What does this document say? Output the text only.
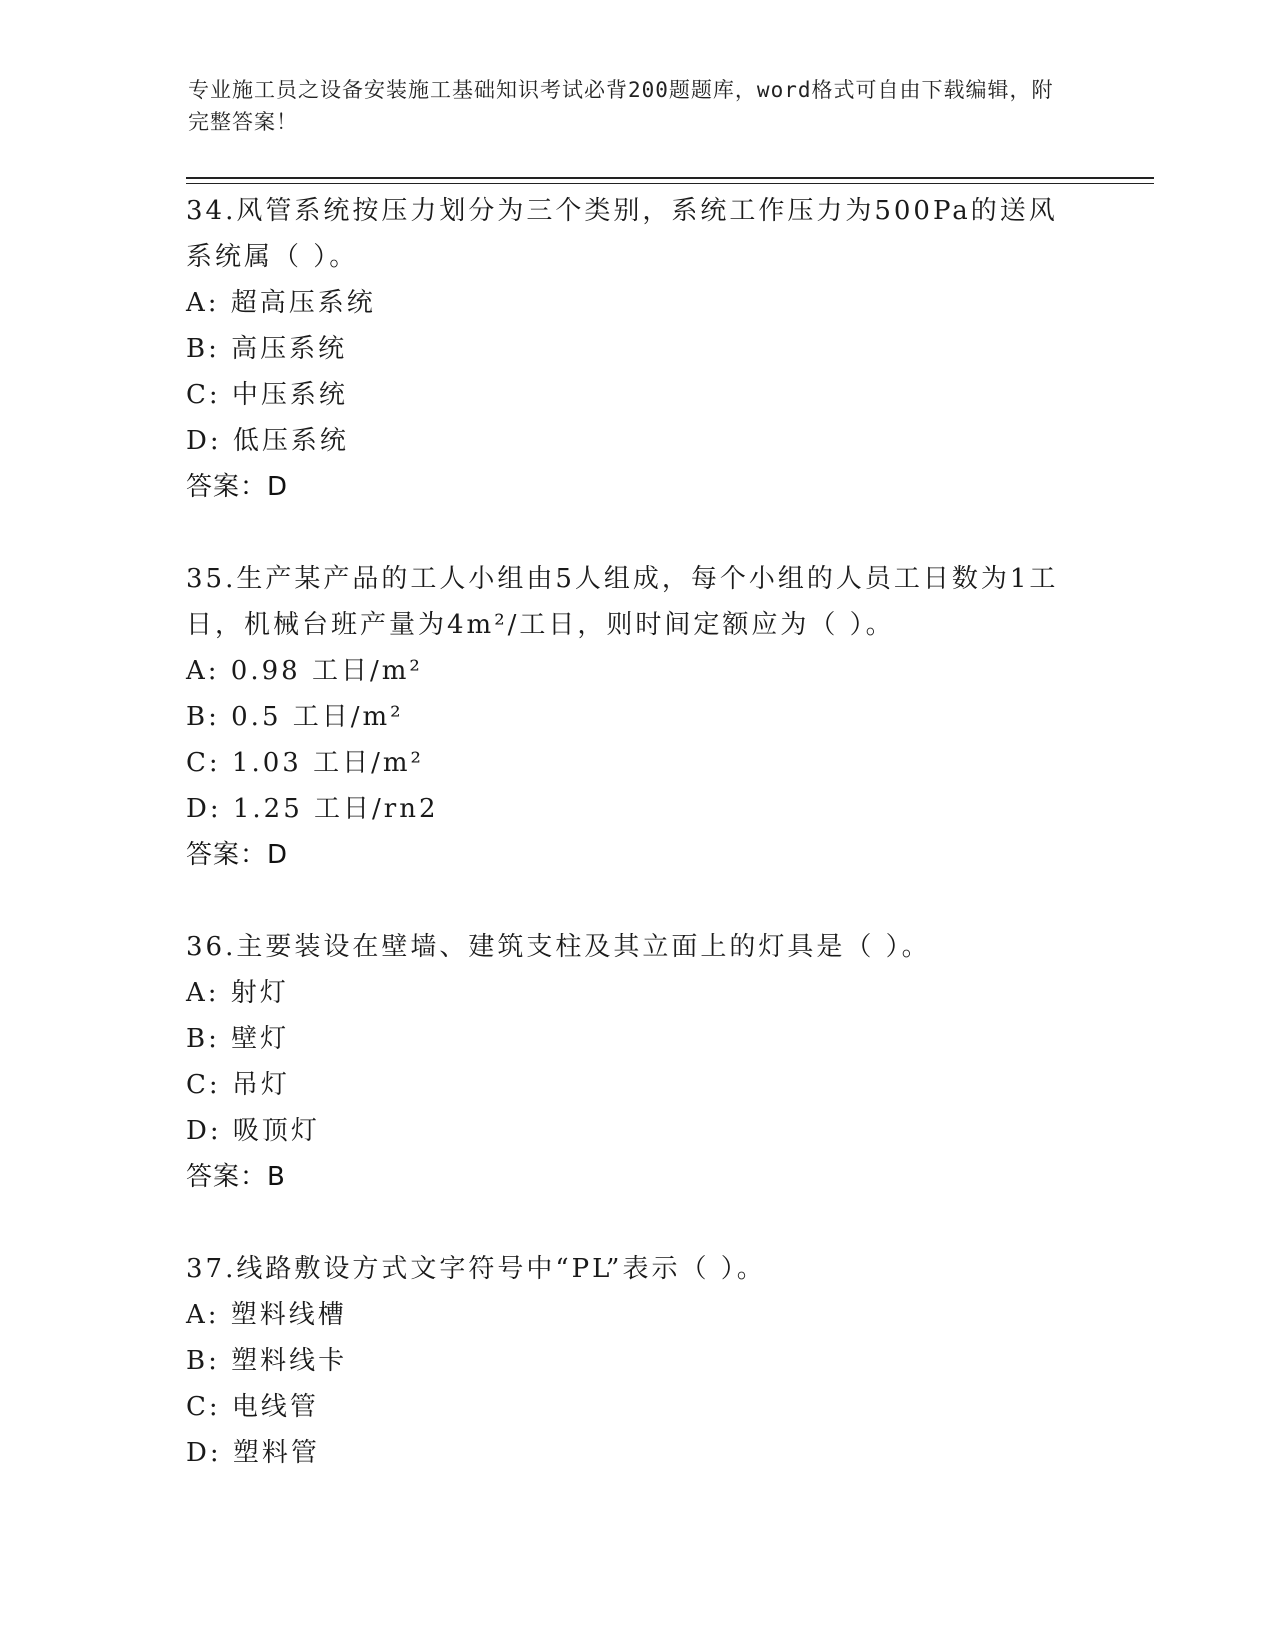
专业施工员之设备安装施工基础知识考试必背200题题库，word格式可自由下载编辑，附完整答案！
34.风管系统按压力划分为三个类别，系统工作压力为500Pa的送风系统属（ ）。
A: 超高压系统
B: 高压系统
C: 中压系统
D: 低压系统
答案：D
35.生产某产品的工人小组由5人组成，每个小组的人员工日数为1工日，机械台班产量为4m²/工日，则时间定额应为（ ）。
A: 0.98 工日/m²
B: 0.5 工日/m²
C: 1.03 工日/m²
D: 1.25 工日/rn2
答案：D
36.主要装设在壁墙、建筑支柱及其立面上的灯具是（ ）。
A: 射灯
B: 壁灯
C: 吊灯
D: 吸顶灯
答案：B
37.线路敷设方式文字符号中“PL”表示（ ）。
A: 塑料线槽
B: 塑料线卡
C: 电线管
D: 塑料管
